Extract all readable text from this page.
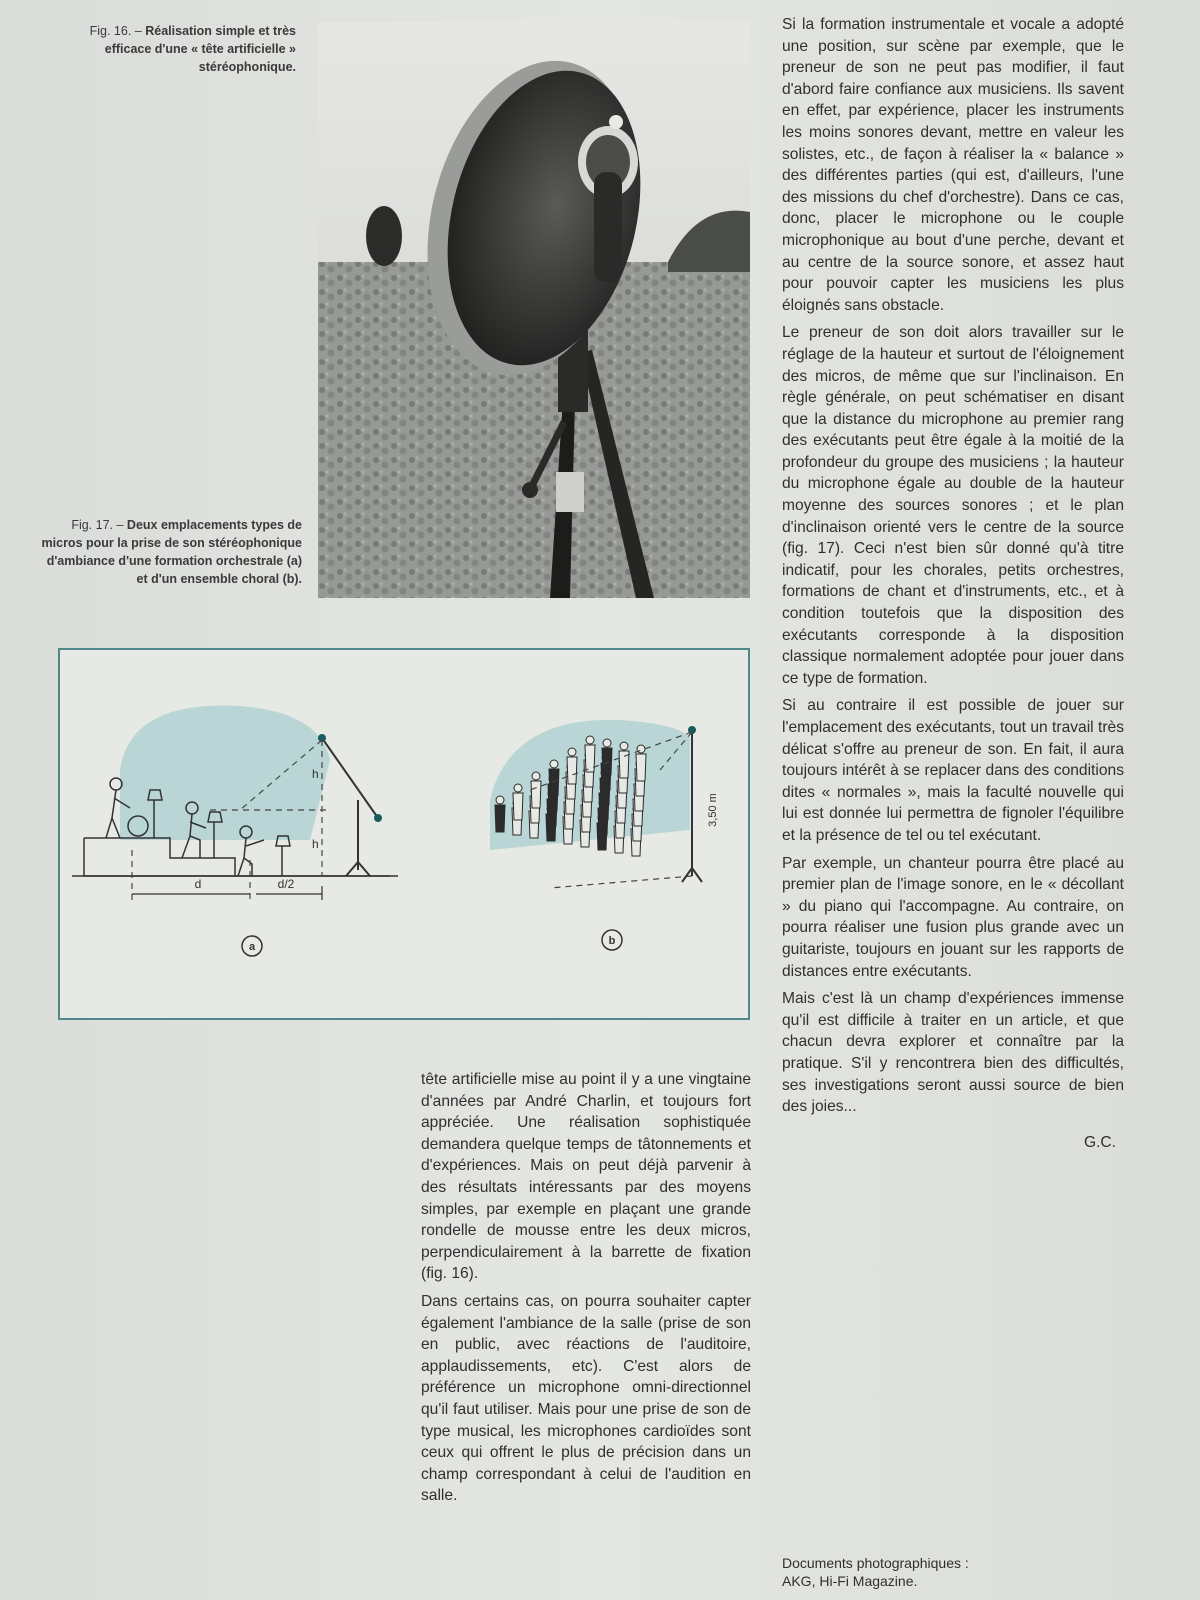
Fig. 16. – Réalisation simple et très efficace d'une « tête artificielle » stéréophonique.
Fig. 17. – Deux emplacements types de micros pour la prise de son stéréophonique d'ambiance d'une formation orchestrale (a) et d'un ensemble choral (b).
d	d/2
h
h
a
3,50 m
b

Si la formation instrumentale et vocale a adopté une position, sur scène par exemple, que le preneur de son ne peut pas modifier, il faut d'abord faire confiance aux musiciens. Ils savent en effet, par expérience, placer les instruments les moins sonores devant, mettre en valeur les solistes, etc., de façon à réaliser la « balance » des différentes parties (qui est, d'ailleurs, l'une des missions du chef d'orchestre). Dans ce cas, donc, placer le microphone ou le couple microphonique au bout d'une perche, devant et au centre de la source sonore, et assez haut pour pouvoir capter les musiciens les plus éloignés sans obstacle.

Le preneur de son doit alors travailler sur le réglage de la hauteur et surtout de l'éloignement des micros, de même que sur l'inclinaison. En règle générale, on peut schématiser en disant que la distance du microphone au premier rang des exécutants peut être égale à la moitié de la profondeur du groupe des musiciens ; la hauteur du microphone égale au double de la hauteur moyenne des sources sonores ; et le plan d'inclinaison orienté vers le centre de la source (fig. 17). Ceci n'est bien sûr donné qu'à titre indicatif, pour les chorales, petits orchestres, formations de chant et d'instruments, etc., et à condition toutefois que la disposition des exécutants corresponde à la disposition classique normalement adoptée pour jouer dans ce type de formation.

Si au contraire il est possible de jouer sur l'emplacement des exécutants, tout un travail très délicat s'offre au preneur de son. En fait, il aura toujours intérêt à se replacer dans des conditions dites « normales », mais la faculté nouvelle qui lui est donnée lui permettra de fignoler l'équilibre et la présence de tel ou tel exécutant.

Par exemple, un chanteur pourra être placé au premier plan de l'image sonore, en le « décollant » du piano qui l'accompagne. Au contraire, on pourra réaliser une fusion plus grande avec un guitariste, toujours en jouant sur les rapports de distances entre exécutants.

Mais c'est là un champ d'expériences immense qu'il est difficile à traiter en un article, et que chacun devra explorer et connaître par la pratique. S'il y rencontrera bien des difficultés, ses investigations seront aussi source de bien des joies...

G.C.

tête artificielle mise au point il y a une vingtaine d'années par André Charlin, et toujours fort appréciée. Une réalisation sophistiquée demandera quelque temps de tâtonnements et d'expériences. Mais on peut déjà parvenir à des résultats intéressants par des moyens simples, par exemple en plaçant une grande rondelle de mousse entre les deux micros, perpendiculairement à la barrette de fixation (fig. 16).

Dans certains cas, on pourra souhaiter capter également l'ambiance de la salle (prise de son en public, avec réactions de l'auditoire, applaudissements, etc). C'est alors de préférence un microphone omni-directionnel qu'il faut utiliser. Mais pour une prise de son de type musical, les microphones cardioïdes sont ceux qui offrent le plus de précision dans un champ correspondant à celui de l'audition en salle.

Documents photographiques :
AKG, Hi-Fi Magazine.
